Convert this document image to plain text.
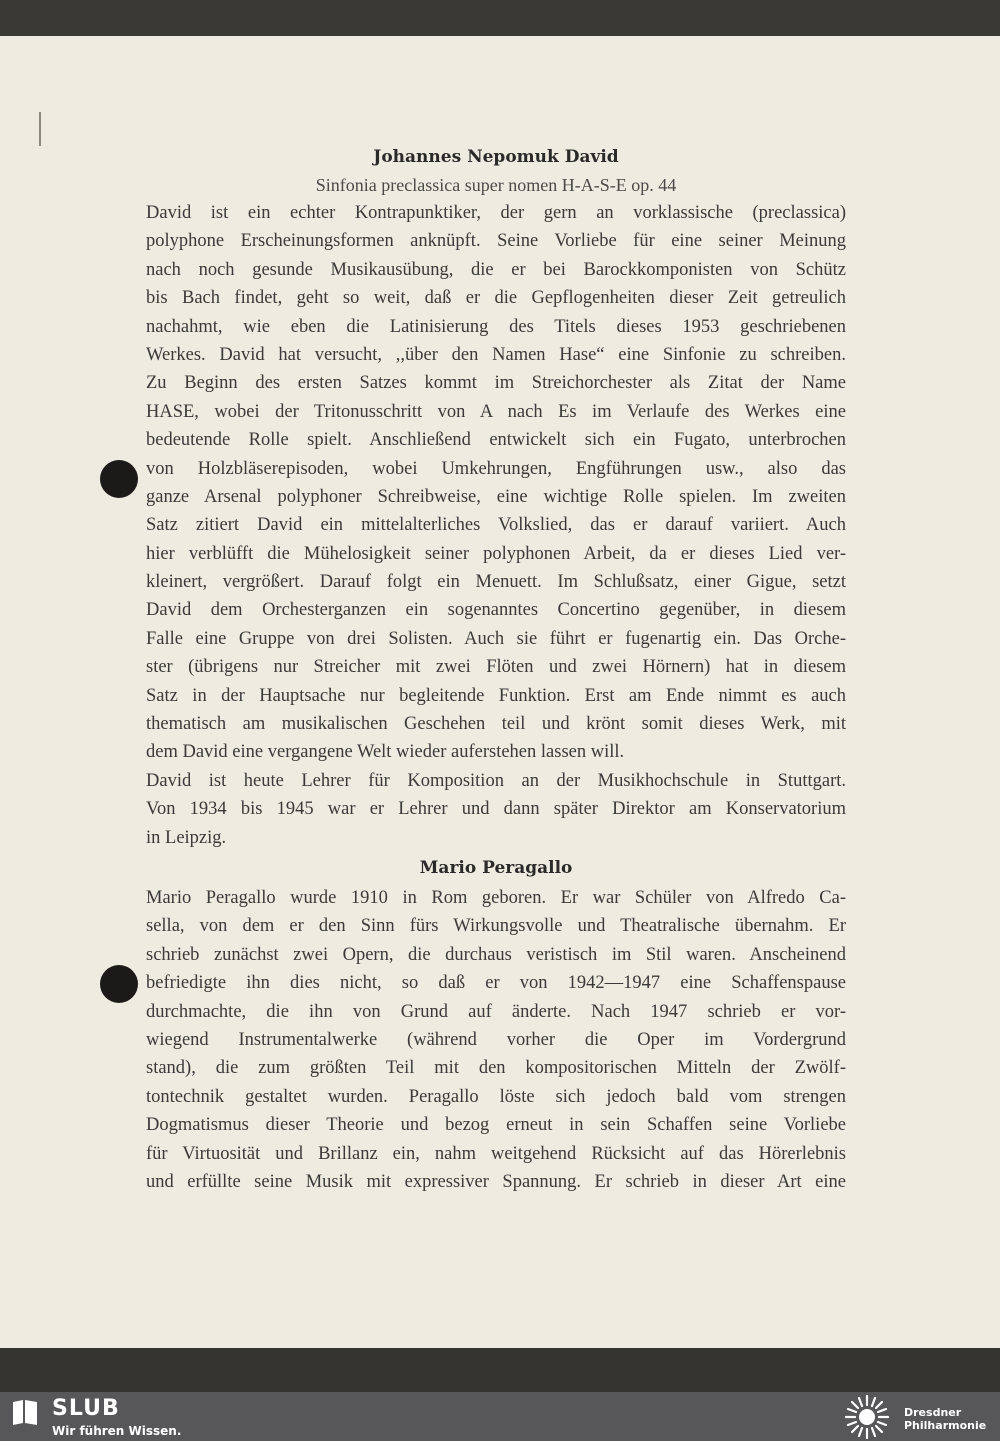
Johannes Nepomuk David
Sinfonia preclassica super nomen H-A-S-E op. 44
David ist ein echter Kontrapunktiker, der gern an vorklassische (preclassica)
polyphone Erscheinungsformen anknüpft. Seine Vorliebe für eine seiner Meinung
nach noch gesunde Musikausübung, die er bei Barockkomponisten von Schütz
bis Bach findet, geht so weit, daß er die Gepflogenheiten dieser Zeit getreulich
nachahmt, wie eben die Latinisierung des Titels dieses 1953 geschriebenen
Werkes. David hat versucht, ,,über den Namen Hase“ eine Sinfonie zu schreiben.
Zu Beginn des ersten Satzes kommt im Streichorchester als Zitat der Name
HASE, wobei der Tritonusschritt von A nach Es im Verlaufe des Werkes eine
bedeutende Rolle spielt. Anschließend entwickelt sich ein Fugato, unterbrochen
von Holzbläserepisoden, wobei Umkehrungen, Engführungen usw., also das
ganze Arsenal polyphoner Schreibweise, eine wichtige Rolle spielen. Im zweiten
Satz zitiert David ein mittelalterliches Volkslied, das er darauf variiert. Auch
hier verblüfft die Mühelosigkeit seiner polyphonen Arbeit, da er dieses Lied ver-
kleinert, vergrößert. Darauf folgt ein Menuett. Im Schlußsatz, einer Gigue, setzt
David dem Orchesterganzen ein sogenanntes Concertino gegenüber, in diesem
Falle eine Gruppe von drei Solisten. Auch sie führt er fugenartig ein. Das Orche-
ster (übrigens nur Streicher mit zwei Flöten und zwei Hörnern) hat in diesem
Satz in der Hauptsache nur begleitende Funktion. Erst am Ende nimmt es auch
thematisch am musikalischen Geschehen teil und krönt somit dieses Werk, mit
dem David eine vergangene Welt wieder auferstehen lassen will.
David ist heute Lehrer für Komposition an der Musikhochschule in Stuttgart.
Von 1934 bis 1945 war er Lehrer und dann später Direktor am Konservatorium
in Leipzig.
Mario Peragallo
Mario Peragallo wurde 1910 in Rom geboren. Er war Schüler von Alfredo Ca-
sella, von dem er den Sinn fürs Wirkungsvolle und Theatralische übernahm. Er
schrieb zunächst zwei Opern, die durchaus veristisch im Stil waren. Anscheinend
befriedigte ihn dies nicht, so daß er von 1942—1947 eine Schaffenspause
durchmachte, die ihn von Grund auf änderte. Nach 1947 schrieb er vor-
wiegend Instrumentalwerke (während vorher die Oper im Vordergrund
stand), die zum größten Teil mit den kompositorischen Mitteln der Zwölf-
tontechnik gestaltet wurden. Peragallo löste sich jedoch bald vom strengen
Dogmatismus dieser Theorie und bezog erneut in sein Schaffen seine Vorliebe
für Virtuosität und Brillanz ein, nahm weitgehend Rücksicht auf das Hörerlebnis
und erfüllte seine Musik mit expressiver Spannung. Er schrieb in dieser Art eine
SLUB
Wir führen Wissen.
Dresdner
Philharmonie
